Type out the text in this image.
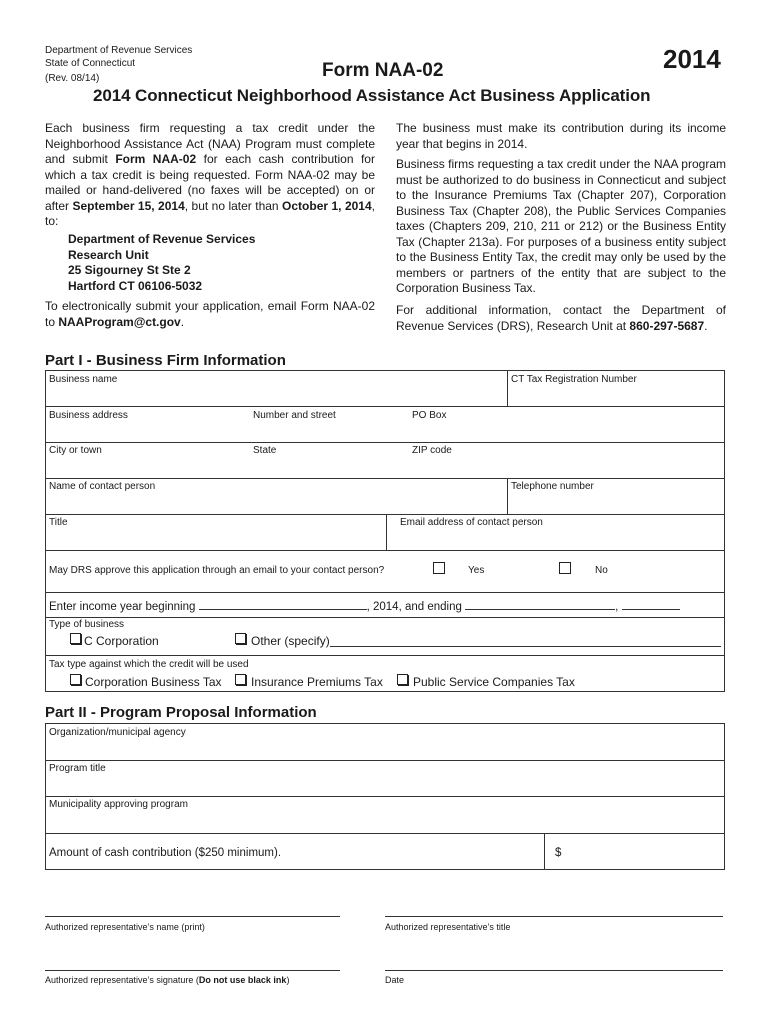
Department of Revenue Services
State of Connecticut
(Rev. 08/14)	Form NAA-02	2014
2014 Connecticut Neighborhood Assistance Act Business Application
Each business firm requesting a tax credit under the Neighborhood Assistance Act (NAA) Program must complete and submit Form NAA-02 for each cash contribution for which a tax credit is being requested. Form NAA-02 may be mailed or hand-delivered (no faxes will be accepted) on or after September 15, 2014, but no later than October 1, 2014, to:
Department of Revenue Services
Research Unit
25 Sigourney St Ste 2
Hartford CT 06106-5032
To electronically submit your application, email Form NAA-02 to NAAProgram@ct.gov.
The business must make its contribution during its income year that begins in 2014.
Business firms requesting a tax credit under the NAA program must be authorized to do business in Connecticut and subject to the Insurance Premiums Tax (Chapter 207), Corporation Business Tax (Chapter 208), the Public Services Companies taxes (Chapters 209, 210, 211 or 212) or the Business Entity Tax (Chapter 213a). For purposes of a business entity subject to the Business Entity Tax, the credit may only be used by the members or partners of the entity that are subject to the Corporation Business Tax.
For additional information, contact the Department of Revenue Services (DRS), Research Unit at 860-297-5687.
Part I - Business Firm Information
Business name	CT Tax Registration Number
Business address	Number and street	PO Box
City or town	State	ZIP code
Name of contact person	Telephone number
Title	Email address of contact person
May DRS approve this application through an email to your contact person?	Yes	No
Enter income year beginning	, 2014, and ending	,
Type of business
C Corporation	Other (specify)
Tax type against which the credit will be used
Corporation Business Tax Insurance Premiums Tax	Public Service Companies Tax
Part II - Program Proposal Information
Organization/municipal agency
Program title
Municipality approving program
Amount of cash contribution ($250 minimum).	$
Authorized representative’s name (print)	Authorized representative’s title
Authorized representative’s signature (Do not use black ink)	Date
